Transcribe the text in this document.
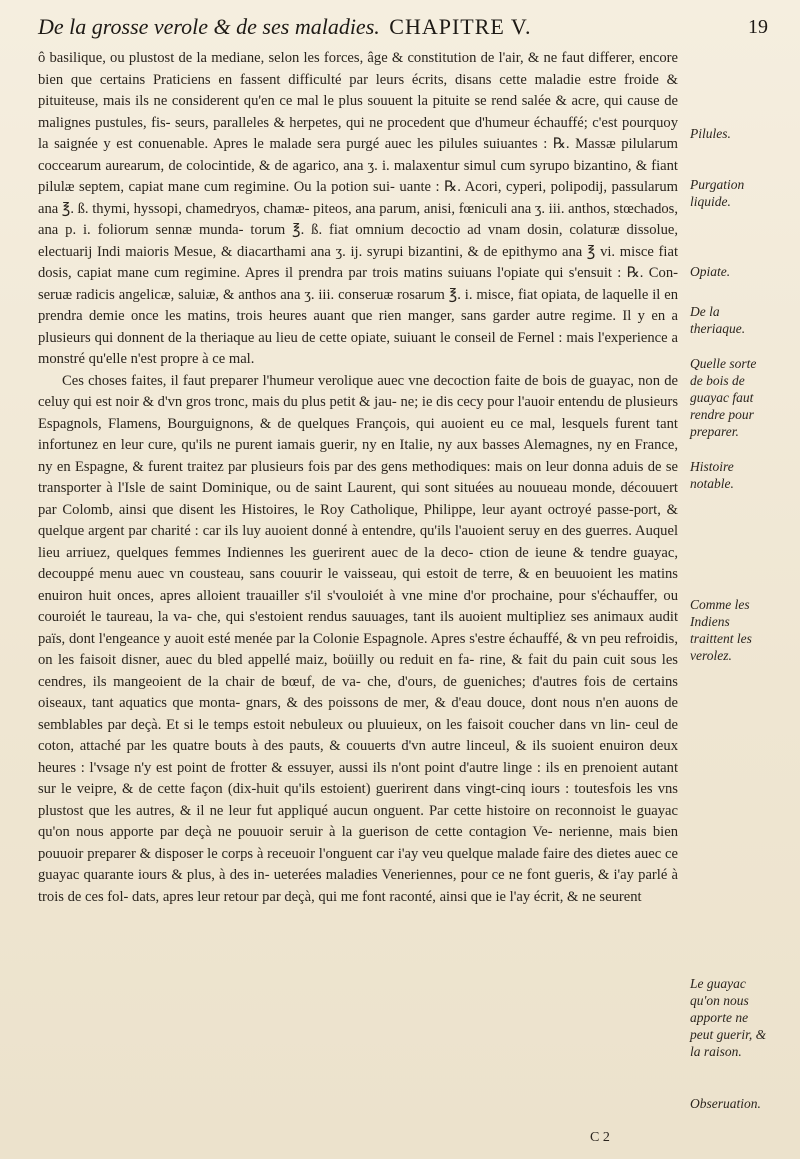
De la grosse verole & de ses maladies. CHAPITRE V.	19

ô basilique, ou plustost de la mediane, selon les forces, âge & constitution de l'air, & ne faut differer, encore bien que certains Praticiens en fassent difficulté par leurs écrits, disans cette maladie estre froide & pituiteuse, mais ils ne considerent qu'en ce mal le plus souuent la pituite se rend salée & acre, qui cause de malignes pustules, fis- seurs, paralleles & herpetes, qui ne procedent que d'humeur échauffé; c'est pourquoy la saignée y est conuenable. Apres le malade sera purgé auec les pilules suiuantes : ℞. Massæ pilularum coccearum aurearum, de colocintide, & de agarico, ana ʒ. i. malaxentur simul cum syrupo bizantino, & fiant pilulæ septem, capiat mane cum regimine. Ou la potion sui- uante : ℞. Acori, cyperi, polipodij, passularum ana ℥. ß. thymi, hyssopi, chamedryos, chamæ- piteos, ana parum, anisi, fœniculi ana ʒ. iii. anthos, stœchados, ana p. i. foliorum sennæ munda- torum ℥. ß. fiat omnium decoctio ad vnam dosin, colaturæ dissolue, electuarij Indi maioris Mesue, & diacarthami ana ʒ. ij. syrupi bizantini, & de epithymo ana ℥ vi. misce fiat dosis, capiat mane cum regimine. Apres il prendra par trois matins suiuans l'opiate qui s'ensuit : ℞. Con- seruæ radicis angelicæ, saluiæ, & anthos ana ʒ. iii. conseruæ rosarum ℥. i. misce, fiat opiata, de laquelle il en prendra demie once les matins, trois heures auant que rien manger, sans garder autre regime. Il y en a plusieurs qui donnent de la theriaque au lieu de cette opiate, suiuant le conseil de Fernel : mais l'experience a monstré qu'elle n'est propre à ce mal.

Ces choses faites, il faut preparer l'humeur verolique auec vne decoction faite de bois de guayac, non de celuy qui est noir & d'vn gros tronc, mais du plus petit & jau- ne; ie dis cecy pour l'auoir entendu de plusieurs Espagnols, Flamens, Bourguignons, & de quelques François, qui auoient eu ce mal, lesquels furent tant infortunez en leur cure, qu'ils ne purent iamais guerir, ny en Italie, ny aux basses Alemagnes, ny en France, ny en Espagne, & furent traitez par plusieurs fois par des gens methodiques: mais on leur donna aduis de se transporter à l'Isle de saint Dominique, ou de saint Laurent, qui sont situées au nouueau monde, découuert par Colomb, ainsi que disent les Histoires, le Roy Catholique, Philippe, leur ayant octroyé passe-port, & quelque argent par charité : car ils luy auoient donné à entendre, qu'ils l'auoient seruy en des guerres. Auquel lieu arriuez, quelques femmes Indiennes les guerirent auec de la deco- ction de ieune & tendre guayac, decouppé menu auec vn cousteau, sans couurir le vaisseau, qui estoit de terre, & en beuuoient les matins enuiron huit onces, apres alloient trauailler s'il s'vouloiét à vne mine d'or prochaine, pour s'échauffer, ou couroiét le taureau, la va- che, qui s'estoient rendus sauuages, tant ils auoient multipliez ses animaux audit païs, dont l'engeance y auoit esté menée par la Colonie Espagnole. Apres s'estre échauffé, & vn peu refroidis, on les faisoit disner, auec du bled appellé maiz, boüilly ou reduit en fa- rine, & fait du pain cuit sous les cendres, ils mangeoient de la chair de bœuf, de va- che, d'ours, de gueniches; d'autres fois de certains oiseaux, tant aquatics que monta- gnars, & des poissons de mer, & d'eau douce, dont nous n'en auons de semblables par deçà. Et si le temps estoit nebuleux ou pluuieux, on les faisoit coucher dans vn lin- ceul de coton, attaché par les quatre bouts à des pauts, & couuerts d'vn autre linceul, & ils suoient enuiron deux heures : l'vsage n'y est point de frotter & essuyer, aussi ils n'ont point d'autre linge : ils en prenoient autant sur le veipre, & de cette façon (dix-huit qu'ils estoient) guerirent dans vingt-cinq iours : toutesfois les vns plustost que les autres, & il ne leur fut appliqué aucun onguent. Par cette histoire on reconnoist le guayac qu'on nous apporte par deçà ne pouuoir seruir à la guerison de cette contagion Ve- nerienne, mais bien pouuoir preparer & disposer le corps à receuoir l'onguent car i'ay veu quelque malade faire des dietes auec ce guayac quarante iours & plus, à des in- ueterées maladies Veneriennes, pour ce ne font gueris, & i'ay parlé à trois de ces fol- dats, apres leur retour par deçà, qui me font raconté, ainsi que ie l'ay écrit, & ne seurent

Pilules.
Purgation liquide.
Opiate.
De la theriaque.
Quelle sorte de bois de guayac faut rendre pour preparer.
Histoire notable.
Comme les Indiens traittent les verolez.
Le guayac qu'on nous apporte ne peut guerir, & la raison.
Obseruation.
C 2
